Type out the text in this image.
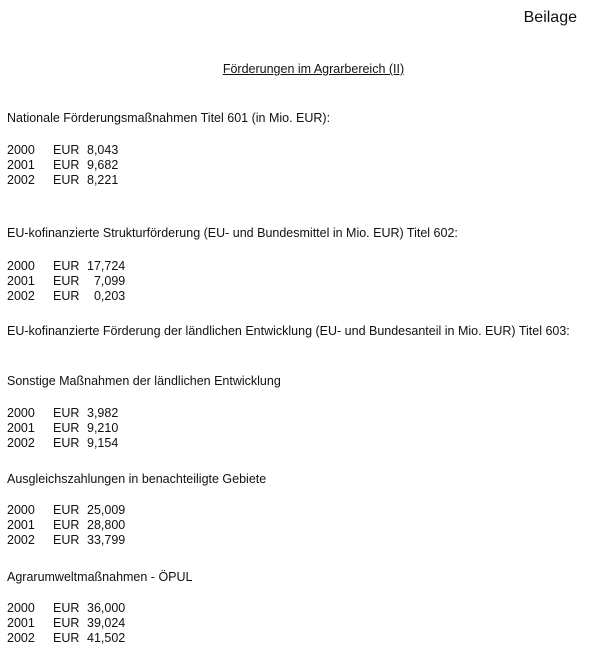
Beilage
Förderungen im Agrarbereich (II)
Nationale Förderungsmaßnahmen Titel 601 (in Mio. EUR):
2000 EUR 8,043
2001 EUR 9,682
2002 EUR 8,221
EU-kofinanzierte Strukturförderung (EU- und Bundesmittel in Mio. EUR) Titel 602:
2000 EUR 17,724
2001 EUR  7,099
2002 EUR  0,203
EU-kofinanzierte Förderung der ländlichen Entwicklung (EU- und Bundesanteil in Mio. EUR) Titel 603:
Sonstige Maßnahmen der ländlichen Entwicklung
2000 EUR 3,982
2001 EUR 9,210
2002 EUR 9,154
Ausgleichszahlungen in benachteiligte Gebiete
2000 EUR 25,009
2001 EUR 28,800
2002 EUR 33,799
Agrarumweltmaßnahmen - ÖPUL
2000 EUR 36,000
2001 EUR 39,024
2002 EUR 41,502
